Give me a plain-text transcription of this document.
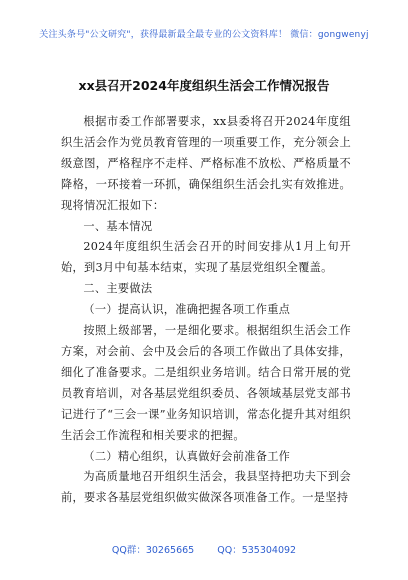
关注头条号"公文研究"，获得最新最全最专业的公文资料库！ 微信：gongwenyj
xx县召开2024年度组织生活会工作情况报告

根据市委工作部署要求，xx县委将召开2024年度组织生活会作为党员教育管理的一项重要工作，充分领会上级意图，严格程序不走样、严格标准不放松、严格质量不降格，一环接着一环抓，确保组织生活会扎实有效推进。现将情况汇报如下：

一、基本情况

2024年度组织生活会召开的时间安排从1月上旬开始，到3月中旬基本结束，实现了基层党组织全覆盖。

二、主要做法

（一）提高认识，准确把握各项工作重点

按照上级部署，一是细化要求。根据组织生活会工作方案，对会前、会中及会后的各项工作做出了具体安排，细化了准备要求。二是组织业务培训。结合日常开展的党员教育培训，对各基层党组织委员、各领域基层党支部书记进行了“三会一课”业务知识培训，常态化提升其对组织生活会工作流程和相关要求的把握。

（二）精心组织，认真做好会前准备工作

为高质量地召开组织生活会，我县坚持把功夫下到会前，要求各基层党组织做实做深各项准备工作。一是坚持

QQ群：30265665 QQ：535304092
